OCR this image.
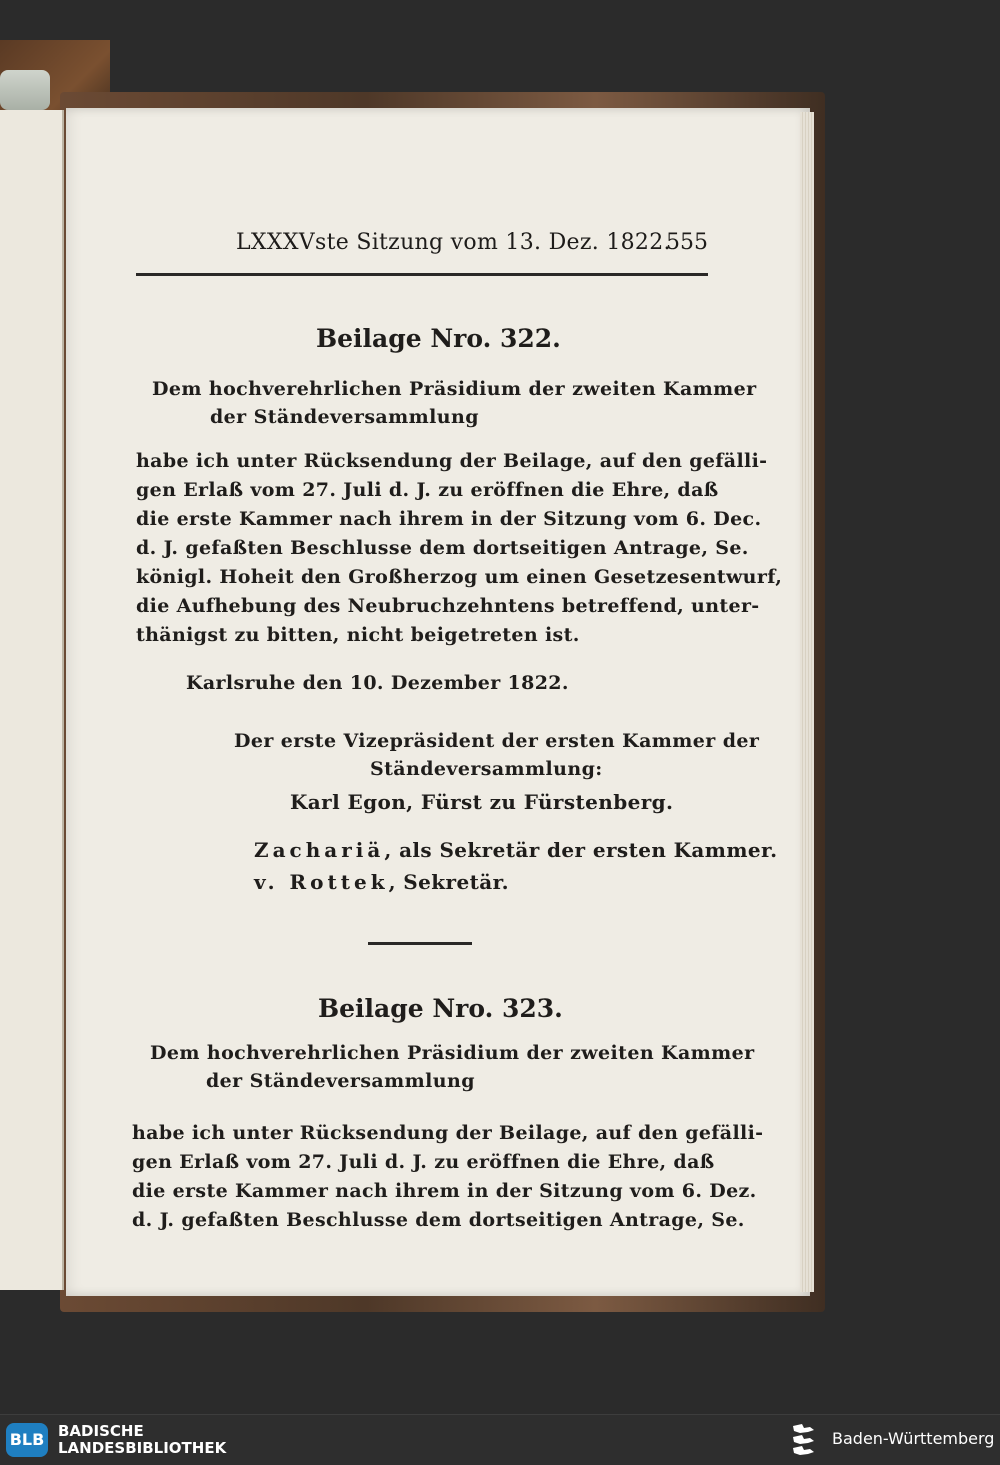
LXXXVste Sitzung vom 13. Dez. 1822.
555
Beilage Nro. 322.
Dem hochverehrlichen Präsidium der zweiten Kammer
der Ständeversammlung
habe ich unter Rücksendung der Beilage, auf den gefälli-
gen Erlaß vom 27. Juli d. J. zu eröffnen die Ehre, daß
die erste Kammer nach ihrem in der Sitzung vom 6. Dec.
d. J. gefaßten Beschlusse dem dortseitigen Antrage, Se.
königl. Hoheit den Großherzog um einen Gesetzesentwurf,
die Aufhebung des Neubruchzehntens betreffend, unter-
thänigst zu bitten, nicht beigetreten ist.
Karlsruhe den 10. Dezember 1822.
Der erste Vizepräsident der ersten Kammer der
Ständeversammlung:
Karl Egon, Fürst zu Fürstenberg.
Zachariä, als Sekretär der ersten Kammer.
v. Rottek, Sekretär.
Beilage Nro. 323.
Dem hochverehrlichen Präsidium der zweiten Kammer
der Ständeversammlung
habe ich unter Rücksendung der Beilage, auf den gefälli-
gen Erlaß vom 27. Juli d. J. zu eröffnen die Ehre, daß
die erste Kammer nach ihrem in der Sitzung vom 6. Dez.
d. J. gefaßten Beschlusse dem dortseitigen Antrage, Se.
BLB BADISCHE
LANDESBIBLIOTHEK	Baden-Württemberg
